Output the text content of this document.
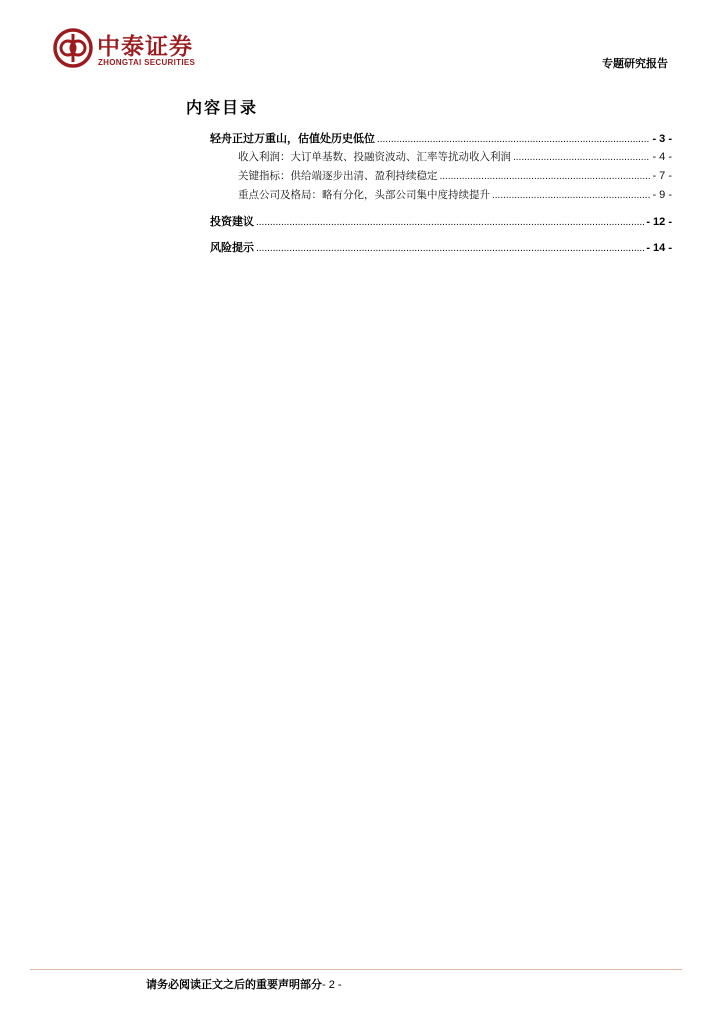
中泰证券
ZHONGTAI SECURITIES	专题研究报告
内容目录
轻舟正过万重山，估值处历史低位 .....	- 3 -
收入利润：大订单基数、投融资波动、汇率等扰动收入利润 .....	- 4 -
关键指标：供给端逐步出清、盈利持续稳定 .....	- 7 -
重点公司及格局：略有分化，头部公司集中度持续提升 .....	- 9 -
投资建议 .....	- 12 -
风险提示 .....	- 14 -
请务必阅读正文之后的重要声明部分- 2 -
